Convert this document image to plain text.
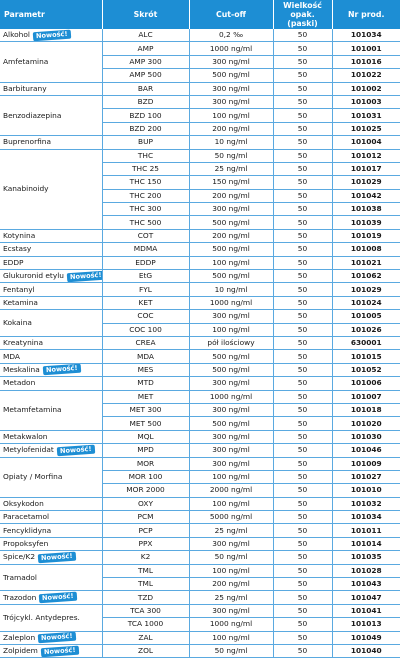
Parametr	Skrót	Cut-off	Wielkość opak. (paski)	Nr prod.
Alkohol Nowość!	ALC	0,2 ‰	50	101034
Amfetamina	AMP	1000 ng/ml	50	101001
	AMP 300	300 ng/ml	50	101016
	AMP 500	500 ng/ml	50	101022
Barbiturany	BAR	300 ng/ml	50	101002
Benzodiazepina	BZD	300 ng/ml	50	101003
	BZD 100	100 ng/ml	50	101031
	BZD 200	200 ng/ml	50	101025
Buprenorfina	BUP	10 ng/ml	50	101004
Kanabinoidy	THC	50 ng/ml	50	101012
	THC 25	25 ng/ml	50	101017
	THC 150	150 ng/ml	50	101029
	THC 200	200 ng/ml	50	101042
	THC 300	300 ng/ml	50	101038
	THC 500	500 ng/ml	50	101039
Kotynina	COT	200 ng/ml	50	101019
Ecstasy	MDMA	500 ng/ml	50	101008
EDDP	EDDP	100 ng/ml	50	101021
Glukuronid etylu Nowość!	EtG	500 ng/ml	50	101062
Fentanyl	FYL	10 ng/ml	50	101029
Ketamina	KET	1000 ng/ml	50	101024
Kokaina	COC	300 ng/ml	50	101005
	COC 100	100 ng/ml	50	101026
Kreatynina	CREA	pół ilościowy	50	630001
MDA	MDA	500 ng/ml	50	101015
Meskalina Nowość!	MES	500 ng/ml	50	101052
Metadon	MTD	300 ng/ml	50	101006
Metamfetamina	MET	1000 ng/ml	50	101007
	MET 300	300 ng/ml	50	101018
	MET 500	500 ng/ml	50	101020
Metakwalon	MQL	300 ng/ml	50	101030
Metylofenidat Nowość!	MPD	300 ng/ml	50	101046
Opiaty / Morfina	MOR	300 ng/ml	50	101009
	MOR 100	100 ng/ml	50	101027
	MOR 2000	2000 ng/ml	50	101010
Oksykodon	OXY	100 ng/ml	50	101032
Paracetamol	PCM	5000 ng/ml	50	101034
Fencyklidyna	PCP	25 ng/ml	50	101011
Propoksyfen	PPX	300 ng/ml	50	101014
Spice/K2 Nowość!	K2	50 ng/ml	50	101035
Tramadol	TML	100 ng/ml	50	101028
	TML	200 ng/ml	50	101043
Trazodon Nowość!	TZD	25 ng/ml	50	101047
Trójcykl. Antydepres.	TCA 300	300 ng/ml	50	101041
	TCA 1000	1000 ng/ml	50	101013
Zaleplon Nowość!	ZAL	100 ng/ml	50	101049
Zolpidem Nowość!	ZOL	50 ng/ml	50	101040
